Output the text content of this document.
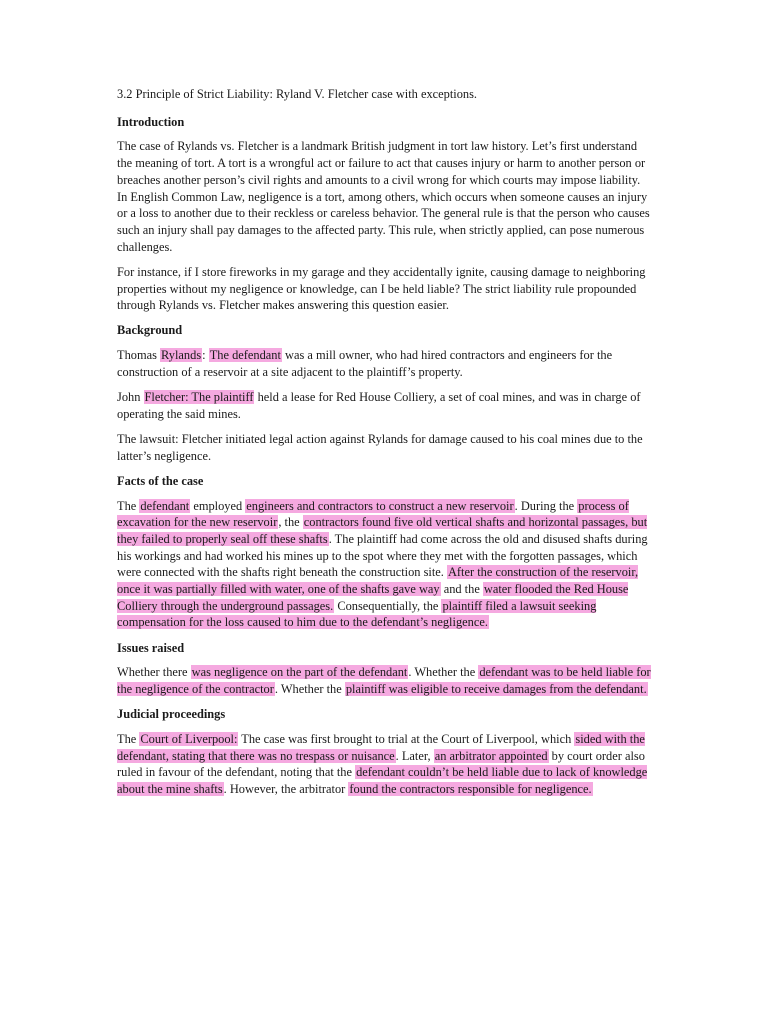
3.2 Principle of Strict Liability: Ryland V. Fletcher case with exceptions.

Introduction

The case of Rylands vs. Fletcher is a landmark British judgment in tort law history. Let’s first understand the meaning of tort. A tort is a wrongful act or failure to act that causes injury or harm to another person or breaches another person’s civil rights and amounts to a civil wrong for which courts may impose liability. In English Common Law, negligence is a tort, among others, which occurs when someone causes an injury or a loss to another due to their reckless or careless behavior. The general rule is that the person who causes such an injury shall pay damages to the affected party. This rule, when strictly applied, can pose numerous challenges.

For instance, if I store fireworks in my garage and they accidentally ignite, causing damage to neighboring properties without my negligence or knowledge, can I be held liable? The strict liability rule propounded through Rylands vs. Fletcher makes answering this question easier.

Background

Thomas Rylands: The defendant was a mill owner, who had hired contractors and engineers for the construction of a reservoir at a site adjacent to the plaintiff’s property.

John Fletcher: The plaintiff held a lease for Red House Colliery, a set of coal mines, and was in charge of operating the said mines.

The lawsuit: Fletcher initiated legal action against Rylands for damage caused to his coal mines due to the latter’s negligence.

Facts of the case

The defendant employed engineers and contractors to construct a new reservoir. During the process of excavation for the new reservoir, the contractors found five old vertical shafts and horizontal passages, but they failed to properly seal off these shafts. The plaintiff had come across the old and disused shafts during his workings and had worked his mines up to the spot where they met with the forgotten passages, which were connected with the shafts right beneath the construction site. After the construction of the reservoir, once it was partially filled with water, one of the shafts gave way and the water flooded the Red House Colliery through the underground passages. Consequentially, the plaintiff filed a lawsuit seeking compensation for the loss caused to him due to the defendant’s negligence.

Issues raised

Whether there was negligence on the part of the defendant. Whether the defendant was to be held liable for the negligence of the contractor. Whether the plaintiff was eligible to receive damages from the defendant.

Judicial proceedings

The Court of Liverpool: The case was first brought to trial at the Court of Liverpool, which sided with the defendant, stating that there was no trespass or nuisance. Later, an arbitrator appointed by court order also ruled in favour of the defendant, noting that the defendant couldn’t be held liable due to lack of knowledge about the mine shafts. However, the arbitrator found the contractors responsible for negligence.
